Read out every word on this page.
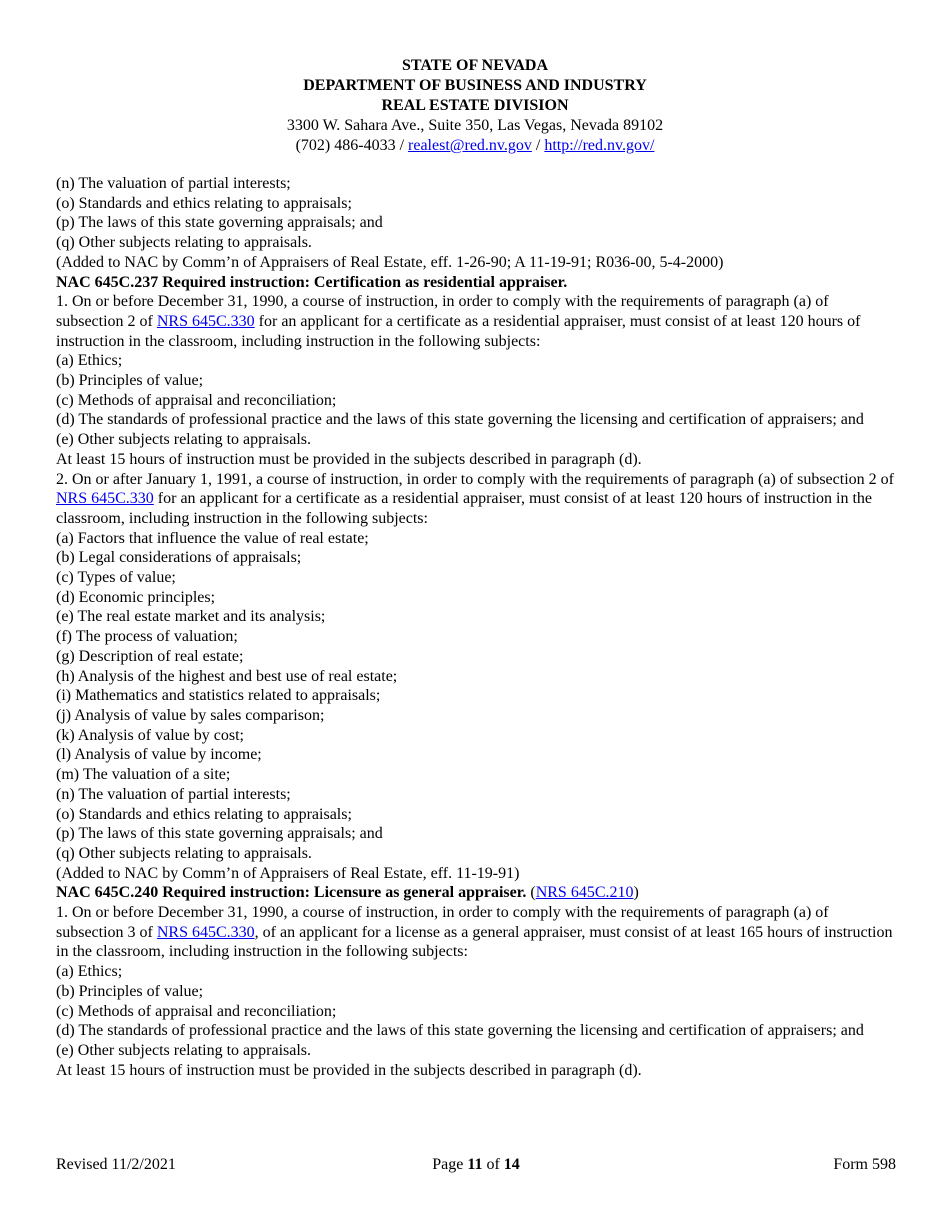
STATE OF NEVADA
DEPARTMENT OF BUSINESS AND INDUSTRY
REAL ESTATE DIVISION
3300 W. Sahara Ave., Suite 350, Las Vegas, Nevada 89102
(702) 486-4033 / realest@red.nv.gov / http://red.nv.gov/
(n) The valuation of partial interests;
(o) Standards and ethics relating to appraisals;
(p) The laws of this state governing appraisals; and
(q) Other subjects relating to appraisals.
(Added to NAC by Comm’n of Appraisers of Real Estate, eff. 1-26-90; A 11-19-91; R036-00, 5-4-2000)
NAC 645C.237 Required instruction: Certification as residential appraiser.
1. On or before December 31, 1990, a course of instruction, in order to comply with the requirements of paragraph (a) of subsection 2 of NRS 645C.330 for an applicant for a certificate as a residential appraiser, must consist of at least 120 hours of instruction in the classroom, including instruction in the following subjects:
(a) Ethics;
(b) Principles of value;
(c) Methods of appraisal and reconciliation;
(d) The standards of professional practice and the laws of this state governing the licensing and certification of appraisers; and
(e) Other subjects relating to appraisals.
At least 15 hours of instruction must be provided in the subjects described in paragraph (d).
2. On or after January 1, 1991, a course of instruction, in order to comply with the requirements of paragraph (a) of subsection 2 of NRS 645C.330 for an applicant for a certificate as a residential appraiser, must consist of at least 120 hours of instruction in the classroom, including instruction in the following subjects:
(a) Factors that influence the value of real estate;
(b) Legal considerations of appraisals;
(c) Types of value;
(d) Economic principles;
(e) The real estate market and its analysis;
(f) The process of valuation;
(g) Description of real estate;
(h) Analysis of the highest and best use of real estate;
(i) Mathematics and statistics related to appraisals;
(j) Analysis of value by sales comparison;
(k) Analysis of value by cost;
(l) Analysis of value by income;
(m) The valuation of a site;
(n) The valuation of partial interests;
(o) Standards and ethics relating to appraisals;
(p) The laws of this state governing appraisals; and
(q) Other subjects relating to appraisals.
(Added to NAC by Comm’n of Appraisers of Real Estate, eff. 11-19-91)
NAC 645C.240 Required instruction: Licensure as general appraiser. (NRS 645C.210)
1. On or before December 31, 1990, a course of instruction, in order to comply with the requirements of paragraph (a) of subsection 3 of NRS 645C.330, of an applicant for a license as a general appraiser, must consist of at least 165 hours of instruction in the classroom, including instruction in the following subjects:
(a) Ethics;
(b) Principles of value;
(c) Methods of appraisal and reconciliation;
(d) The standards of professional practice and the laws of this state governing the licensing and certification of appraisers; and
(e) Other subjects relating to appraisals.
At least 15 hours of instruction must be provided in the subjects described in paragraph (d).
Revised 11/2/2021	Page 11 of 14	Form 598
